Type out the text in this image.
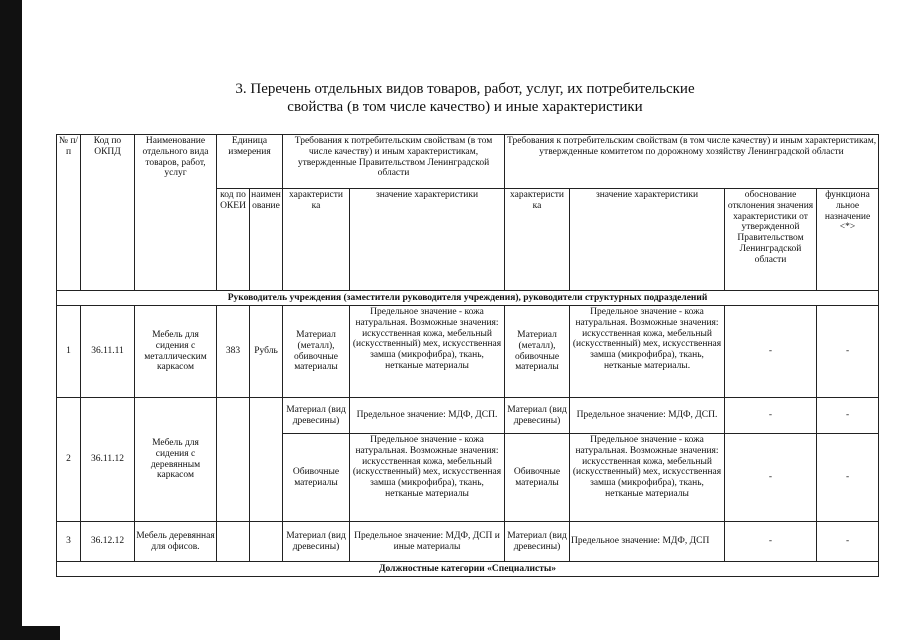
3. Перечень отдельных видов товаров, работ, услуг, их потребительские
свойства (в том числе качество) и иные характеристики
№ п/п	Код по ОКПД	Наименование отдельного вида товаров, работ, услуг	Единица измерения		Требования к потребительским свойствам (в том числе качеству) и иным характеристикам, утвержденные Правительством Ленинградской области		Требования к потребительским свойствам (в том числе качеству) и иным характеристикам, утвержденные комитетом по дорожному хозяйству Ленинградской области			
			код по ОКЕИ	наимен ование	характеристи ка	значение характеристики	характеристи ка	значение характеристики	обоснование отклонения значения характеристики от утвержденной Правительством Ленинградской области	функциона льное назначение <*>
Руководитель учреждения (заместители руководителя учреждения), руководители структурных подразделений										
1	36.11.11	Мебель для сидения с металлическим каркасом	383	Рубль	Материал (металл), обивочные материалы	Предельное значение - кожа натуральная. Возможные значения: искусственная кожа, мебельный (искусственный) мех, искусственная замша (микрофибра), ткань, нетканые материалы	Материал (металл), обивочные материалы	Предельное значение - кожа натуральная. Возможные значения: искусственная кожа, мебельный (искусственный) мех, искусственная замша (микрофибра), ткань, нетканые материалы.	-	-
2	36.11.12	Мебель для сидения с деревянным каркасом			Материал (вид древесины)	Предельное значение: МДФ, ДСП.	Материал (вид древесины)	Предельное значение: МДФ, ДСП.	-	-
					Обивочные материалы	Предельное значение - кожа натуральная. Возможные значения: искусственная кожа, мебельный (искусственный) мех, искусственная замша (микрофибра), ткань, нетканые материалы	Обивочные материалы	Предельное значение - кожа натуральная. Возможные значения: искусственная кожа, мебельный (искусственный) мех, искусственная замша (микрофибра), ткань, нетканые материалы	-	-
3	36.12.12	Мебель деревянная для офисов.			Материал (вид древесины)	Предельное значение: МДФ, ДСП и иные материалы	Материал (вид древесины)	Предельное значение: МДФ, ДСП	-	-
Должностные категории «Специалисты»										
